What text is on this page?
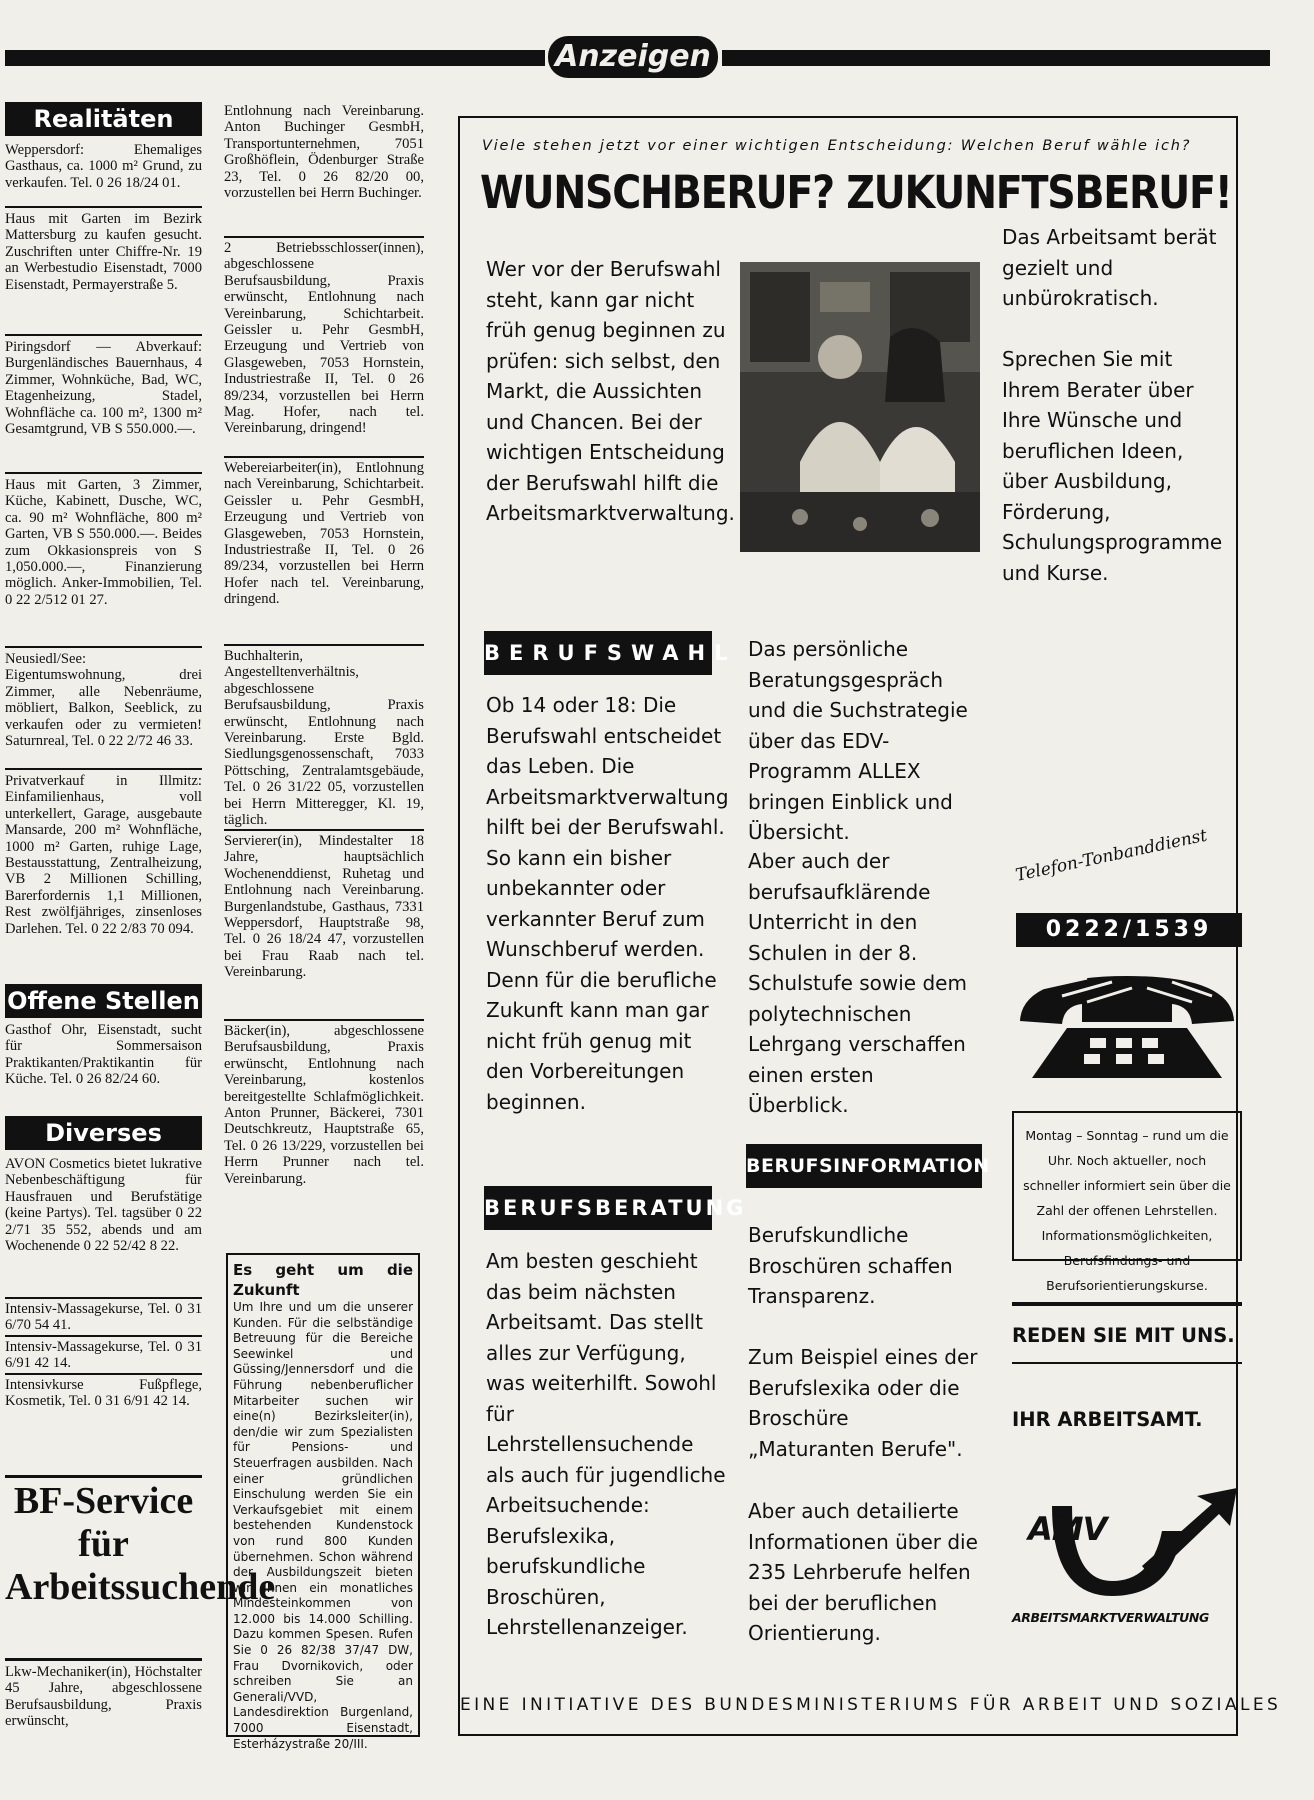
Anzeigen
Realitäten
Weppersdorf: Ehemaliges Gasthaus, ca. 1000 m² Grund, zu verkaufen. Tel. 0 26 18/24 01.
Haus mit Garten im Bezirk Mattersburg zu kaufen gesucht. Zuschriften unter Chiffre-Nr. 19 an Werbestudio Eisenstadt, 7000 Eisenstadt, Permayerstraße 5.
Piringsdorf — Abverkauf: Burgenländisches Bauernhaus, 4 Zimmer, Wohnküche, Bad, WC, Etagenheizung, Stadel, Wohnfläche ca. 100 m², 1300 m² Gesamtgrund, VB S 550.000.—.
Haus mit Garten, 3 Zimmer, Küche, Kabinett, Dusche, WC, ca. 90 m² Wohnfläche, 800 m² Garten, VB S 550.000.—. Beides zum Okkasionspreis von S 1,050.000.—, Finanzierung möglich. Anker-Immobilien, Tel. 0 22 2/512 01 27.
Neusiedl/See: Eigentumswohnung, drei Zimmer, alle Nebenräume, möbliert, Balkon, Seeblick, zu verkaufen oder zu vermieten! Saturnreal, Tel. 0 22 2/72 46 33.
Privatverkauf in Illmitz: Einfamilienhaus, voll unterkellert, Garage, ausgebaute Mansarde, 200 m² Wohnfläche, 1000 m² Garten, ruhige Lage, Bestausstattung, Zentralheizung, VB 2 Millionen Schilling, Barerfordernis 1,1 Millionen, Rest zwölfjähriges, zinsenloses Darlehen. Tel. 0 22 2/83 70 094.
Offene Stellen
Gasthof Ohr, Eisenstadt, sucht für Sommersaison Praktikanten/Praktikantin für Küche. Tel. 0 26 82/24 60.
Diverses
AVON Cosmetics bietet lukrative Nebenbeschäftigung für Hausfrauen und Berufstätige (keine Partys). Tel. tagsüber 0 22 2/71 35 552, abends und am Wochenende 0 22 52/42 8 22.
Intensiv-Massagekurse, Tel. 0 31 6/70 54 41.
Intensiv-Massagekurse, Tel. 0 31 6/91 42 14.
Intensivkurse Fußpflege, Kosmetik, Tel. 0 31 6/91 42 14.
BF-Service für Arbeitssuchende
Lkw-Mechaniker(in), Höchstalter 45 Jahre, abgeschlossene Berufsausbildung, Praxis erwünscht,
Entlohnung nach Vereinbarung. Anton Buchinger GesmbH, Transportunternehmen, 7051 Großhöflein, Ödenburger Straße 23, Tel. 0 26 82/20 00, vorzustellen bei Herrn Buchinger.
2 Betriebsschlosser(innen), abgeschlossene Berufsausbildung, Praxis erwünscht, Entlohnung nach Vereinbarung, Schichtarbeit. Geissler u. Pehr GesmbH, Erzeugung und Vertrieb von Glasgeweben, 7053 Hornstein, Industriestraße II, Tel. 0 26 89/234, vorzustellen bei Herrn Mag. Hofer, nach tel. Vereinbarung, dringend!
Webereiarbeiter(in), Entlohnung nach Vereinbarung, Schichtarbeit. Geissler u. Pehr GesmbH, Erzeugung und Vertrieb von Glasgeweben, 7053 Hornstein, Industriestraße II, Tel. 0 26 89/234, vorzustellen bei Herrn Hofer nach tel. Vereinbarung, dringend.
Buchhalterin, Angestelltenverhältnis, abgeschlossene Berufsausbildung, Praxis erwünscht, Entlohnung nach Vereinbarung. Erste Bgld. Siedlungsgenossenschaft, 7033 Pöttsching, Zentralamtsgebäude, Tel. 0 26 31/22 05, vorzustellen bei Herrn Mitteregger, Kl. 19, täglich.
Servierer(in), Mindestalter 18 Jahre, hauptsächlich Wochenenddienst, Ruhetag und Entlohnung nach Vereinbarung. Burgenlandstube, Gasthaus, 7331 Weppersdorf, Hauptstraße 98, Tel. 0 26 18/24 47, vorzustellen bei Frau Raab nach tel. Vereinbarung.
Bäcker(in), abgeschlossene Berufsausbildung, Praxis erwünscht, Entlohnung nach Vereinbarung, kostenlos bereitgestellte Schlafmöglichkeit. Anton Prunner, Bäckerei, 7301 Deutschkreutz, Hauptstraße 65, Tel. 0 26 13/229, vorzustellen bei Herrn Prunner nach tel. Vereinbarung.
Es geht um die Zukunft
Um Ihre und um die unserer Kunden. Für die selbständige Betreuung für die Bereiche Seewinkel und Güssing/Jennersdorf und die Führung nebenberuflicher Mitarbeiter suchen wir eine(n) Bezirksleiter(in), den/die wir zum Spezialisten für Pensions- und Steuerfragen ausbilden. Nach einer gründlichen Einschulung werden Sie ein Verkaufsgebiet mit einem bestehenden Kundenstock von rund 800 Kunden übernehmen. Schon während der Ausbildungszeit bieten wir Ihnen ein monatliches Mindesteinkommen von 12.000 bis 14.000 Schilling. Dazu kommen Spesen. Rufen Sie 0 26 82/38 37/47 DW, Frau Dvornikovich, oder schreiben Sie an Generali/VVD, Landesdirektion Burgenland, 7000 Eisenstadt, Esterházystraße 20/III.
Viele stehen jetzt vor einer wichtigen Entscheidung: Welchen Beruf wähle ich?
WUNSCHBERUF? ZUKUNFTSBERUF!
Wer vor der Berufswahl steht, kann gar nicht früh genug beginnen zu prüfen: sich selbst, den Markt, die Aussichten und Chancen. Bei der wichtigen Entscheidung der Berufswahl hilft die Arbeitsmarktverwaltung.
Das Arbeitsamt berät gezielt und unbürokratisch.
Sprechen Sie mit Ihrem Berater über Ihre Wünsche und beruflichen Ideen, über Ausbildung, Förderung, Schulungsprogramme und Kurse.
BERUFSWAHL
Ob 14 oder 18: Die Berufswahl entscheidet das Leben. Die Arbeitsmarktverwaltung hilft bei der Berufswahl. So kann ein bisher unbekannter oder verkannter Beruf zum Wunschberuf werden. Denn für die berufliche Zukunft kann man gar nicht früh genug mit den Vorbereitungen beginnen.
BERUFSBERATUNG
Am besten geschieht das beim nächsten Arbeitsamt. Das stellt alles zur Verfügung, was weiterhilft. Sowohl für Lehrstellensuchende als auch für jugendliche Arbeitsuchende: Berufslexika, berufskundliche Broschüren, Lehrstellenanzeiger.
Das persönliche Beratungsgespräch und die Suchstrategie über das EDV-Programm ALLEX bringen Einblick und Übersicht.
Aber auch der berufsaufklärende Unterricht in den Schulen in der 8. Schulstufe sowie dem polytechnischen Lehrgang verschaffen einen ersten Überblick.
BERUFSINFORMATION
Berufskundliche Broschüren schaffen Transparenz.
Zum Beispiel eines der Berufslexika oder die Broschüre „Maturanten Berufe".
Aber auch detailierte Informationen über die 235 Lehrberufe helfen bei der beruflichen Orientierung.
Telefon-Tonbanddienst
0222/1539
Montag – Sonntag – rund um die Uhr. Noch aktueller, noch schneller informiert sein über die Zahl der offenen Lehrstellen. Informationsmöglichkeiten, Berufsfindungs- und Berufsorientierungskurse.
REDEN SIE MIT UNS.
IHR ARBEITSAMT.
AMV
ARBEITSMARKTVERWALTUNG
EINE INITIATIVE DES BUNDESMINISTERIUMS FÜR ARBEIT UND SOZIALES
